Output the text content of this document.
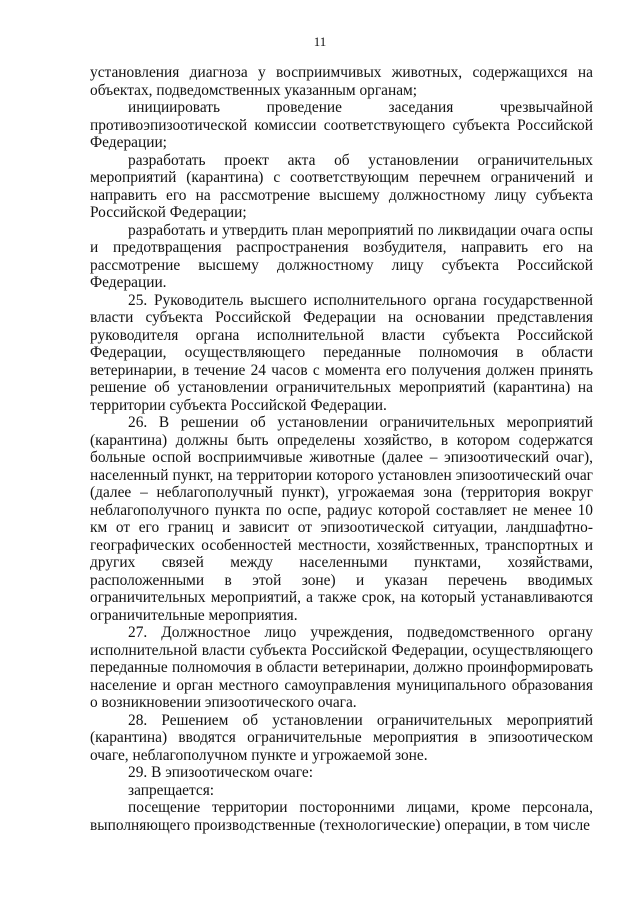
11

установления диагноза у восприимчивых животных, содержащихся на объектах, подведомственных указанным органам;

инициировать проведение заседания чрезвычайной противоэпизоотической комиссии соответствующего субъекта Российской Федерации;

разработать проект акта об установлении ограничительных мероприятий (карантина) с соответствующим перечнем ограничений и направить его на рассмотрение высшему должностному лицу субъекта Российской Федерации;

разработать и утвердить план мероприятий по ликвидации очага оспы и предотвращения распространения возбудителя, направить его на рассмотрение высшему должностному лицу субъекта Российской Федерации.

25. Руководитель высшего исполнительного органа государственной власти субъекта Российской Федерации на основании представления руководителя органа исполнительной власти субъекта Российской Федерации, осуществляющего переданные полномочия в области ветеринарии, в течение 24 часов с момента его получения должен принять решение об установлении ограничительных мероприятий (карантина) на территории субъекта Российской Федерации.

26. В решении об установлении ограничительных мероприятий (карантина) должны быть определены хозяйство, в котором содержатся больные оспой восприимчивые животные (далее – эпизоотический очаг), населенный пункт, на территории которого установлен эпизоотический очаг (далее – неблагополучный пункт), угрожаемая зона (территория вокруг неблагополучного пункта по оспе, радиус которой составляет не менее 10 км от его границ и зависит от эпизоотической ситуации, ландшафтно-географических особенностей местности, хозяйственных, транспортных и других связей между населенными пунктами, хозяйствами, расположенными в этой зоне) и указан перечень вводимых ограничительных мероприятий, а также срок, на который устанавливаются ограничительные мероприятия.

27. Должностное лицо учреждения, подведомственного органу исполнительной власти субъекта Российской Федерации, осуществляющего переданные полномочия в области ветеринарии, должно проинформировать население и орган местного самоуправления муниципального образования о возникновении эпизоотического очага.

28. Решением об установлении ограничительных мероприятий (карантина) вводятся ограничительные мероприятия в эпизоотическом очаге, неблагополучном пункте и угрожаемой зоне.

29. В эпизоотическом очаге:

запрещается:

посещение территории посторонними лицами, кроме персонала, выполняющего производственные (технологические) операции, в том числе
